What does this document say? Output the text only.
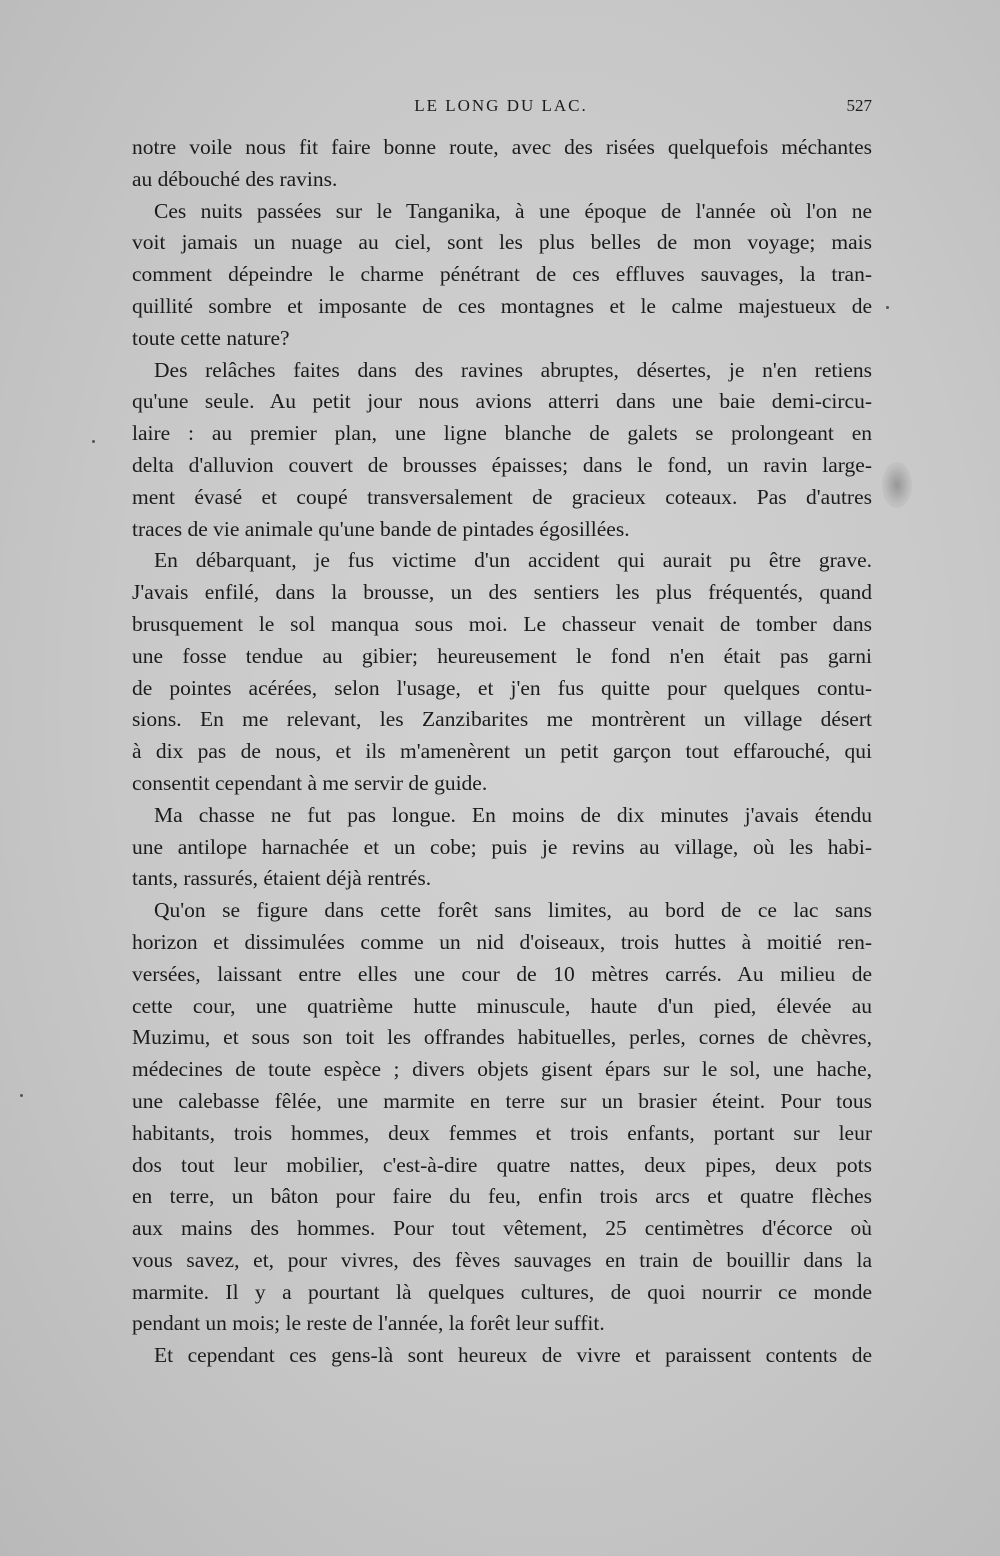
LE LONG DU LAC.	527
notre voile nous fit faire bonne route, avec des risées quelquefois méchantes
au débouché des ravins.
Ces nuits passées sur le Tanganika, à une époque de l'année où l'on ne
voit jamais un nuage au ciel, sont les plus belles de mon voyage; mais
comment dépeindre le charme pénétrant de ces effluves sauvages, la tran-
quillité sombre et imposante de ces montagnes et le calme majestueux de
toute cette nature?
Des relâches faites dans des ravines abruptes, désertes, je n'en retiens
qu'une seule. Au petit jour nous avions atterri dans une baie demi-circu-
laire : au premier plan, une ligne blanche de galets se prolongeant en
delta d'alluvion couvert de brousses épaisses; dans le fond, un ravin large-
ment évasé et coupé transversalement de gracieux coteaux. Pas d'autres
traces de vie animale qu'une bande de pintades égosillées.
En débarquant, je fus victime d'un accident qui aurait pu être grave.
J'avais enfilé, dans la brousse, un des sentiers les plus fréquentés, quand
brusquement le sol manqua sous moi. Le chasseur venait de tomber dans
une fosse tendue au gibier; heureusement le fond n'en était pas garni
de pointes acérées, selon l'usage, et j'en fus quitte pour quelques contu-
sions. En me relevant, les Zanzibarites me montrèrent un village désert
à dix pas de nous, et ils m'amenèrent un petit garçon tout effarouché, qui
consentit cependant à me servir de guide.
Ma chasse ne fut pas longue. En moins de dix minutes j'avais étendu
une antilope harnachée et un cobe; puis je revins au village, où les habi-
tants, rassurés, étaient déjà rentrés.
Qu'on se figure dans cette forêt sans limites, au bord de ce lac sans
horizon et dissimulées comme un nid d'oiseaux, trois huttes à moitié ren-
versées, laissant entre elles une cour de 10 mètres carrés. Au milieu de
cette cour, une quatrième hutte minuscule, haute d'un pied, élevée au
Muzimu, et sous son toit les offrandes habituelles, perles, cornes de chèvres,
médecines de toute espèce ; divers objets gisent épars sur le sol, une hache,
une calebasse fêlée, une marmite en terre sur un brasier éteint. Pour tous
habitants, trois hommes, deux femmes et trois enfants, portant sur leur
dos tout leur mobilier, c'est-à-dire quatre nattes, deux pipes, deux pots
en terre, un bâton pour faire du feu, enfin trois arcs et quatre flèches
aux mains des hommes. Pour tout vêtement, 25 centimètres d'écorce où
vous savez, et, pour vivres, des fèves sauvages en train de bouillir dans la
marmite. Il y a pourtant là quelques cultures, de quoi nourrir ce monde
pendant un mois; le reste de l'année, la forêt leur suffit.
Et cependant ces gens-là sont heureux de vivre et paraissent contents de
